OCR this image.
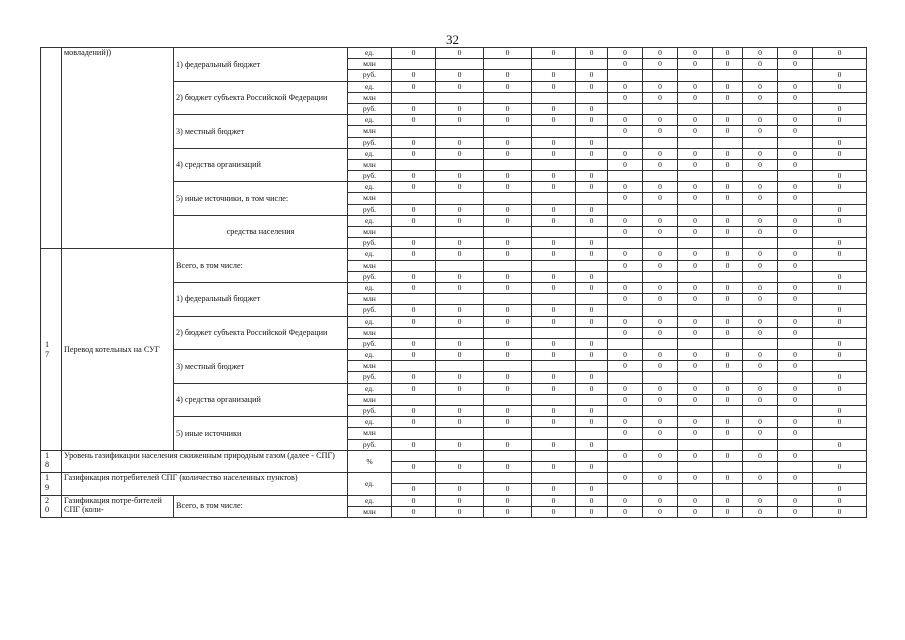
32
	мовладений))	1) федеральный бюджет	ед.	0	0	0	0	0	0	0	0	0	0	0	0
			млн						0	0	0	0	0	0	
			руб.	0	0	0	0	0							0
		2) бюджет субъекта Российской Федерации	ед.	0	0	0	0	0	0	0	0	0	0	0	0
			млн						0	0	0	0	0	0	
			руб.	0	0	0	0	0							0
		3) местный бюджет	ед.	0	0	0	0	0	0	0	0	0	0	0	0
			млн						0	0	0	0	0	0	
			руб.	0	0	0	0	0							0
		4) средства организаций	ед.	0	0	0	0	0	0	0	0	0	0	0	0
			млн						0	0	0	0	0	0	
			руб.	0	0	0	0	0							0
		5) иные источники, в том числе:	ед.	0	0	0	0	0	0	0	0	0	0	0	0
			млн						0	0	0	0	0	0	
			руб.	0	0	0	0	0							0
		средства населения	ед.	0	0	0	0	0	0	0	0	0	0	0	0
			млн						0	0	0	0	0	0	
			руб.	0	0	0	0	0							0
1
7	Перевод котельных на СУГ	Всего, в том числе:	ед.	0	0	0	0	0	0	0	0	0	0	0	0
			млн						0	0	0	0	0	0	
			руб.	0	0	0	0	0							0
		1) федеральный бюджет	ед.	0	0	0	0	0	0	0	0	0	0	0	0
			млн						0	0	0	0	0	0	
			руб.	0	0	0	0	0							0
		2) бюджет субъекта Российской Федерации	ед.	0	0	0	0	0	0	0	0	0	0	0	0
			млн						0	0	0	0	0	0	
			руб.	0	0	0	0	0							0
		3) местный бюджет	ед.	0	0	0	0	0	0	0	0	0	0	0	0
			млн						0	0	0	0	0	0	
			руб.	0	0	0	0	0							0
		4) средства организаций	ед.	0	0	0	0	0	0	0	0	0	0	0	0
			млн						0	0	0	0	0	0	
			руб.	0	0	0	0	0							0
		5) иные источники	ед.	0	0	0	0	0	0	0	0	0	0	0	0
			млн						0	0	0	0	0	0	
			руб.	0	0	0	0	0							0
1
8	Уровень газификации населения сжиженным природным газом (далее - СПГ)		%						0	0	0	0	0	0	
				0	0	0	0	0							0
1
9	Газификация потребителей СПГ (количество населенных пунктов)		ед.						0	0	0	0	0	0	
				0	0	0	0	0							0
2
0	Газификация потре-бителей СПГ (коли-	Всего, в том числе:	ед.	0	0	0	0	0	0	0	0	0	0	0	0
			млн	0	0	0	0	0	0	0	0	0	0	0	0
